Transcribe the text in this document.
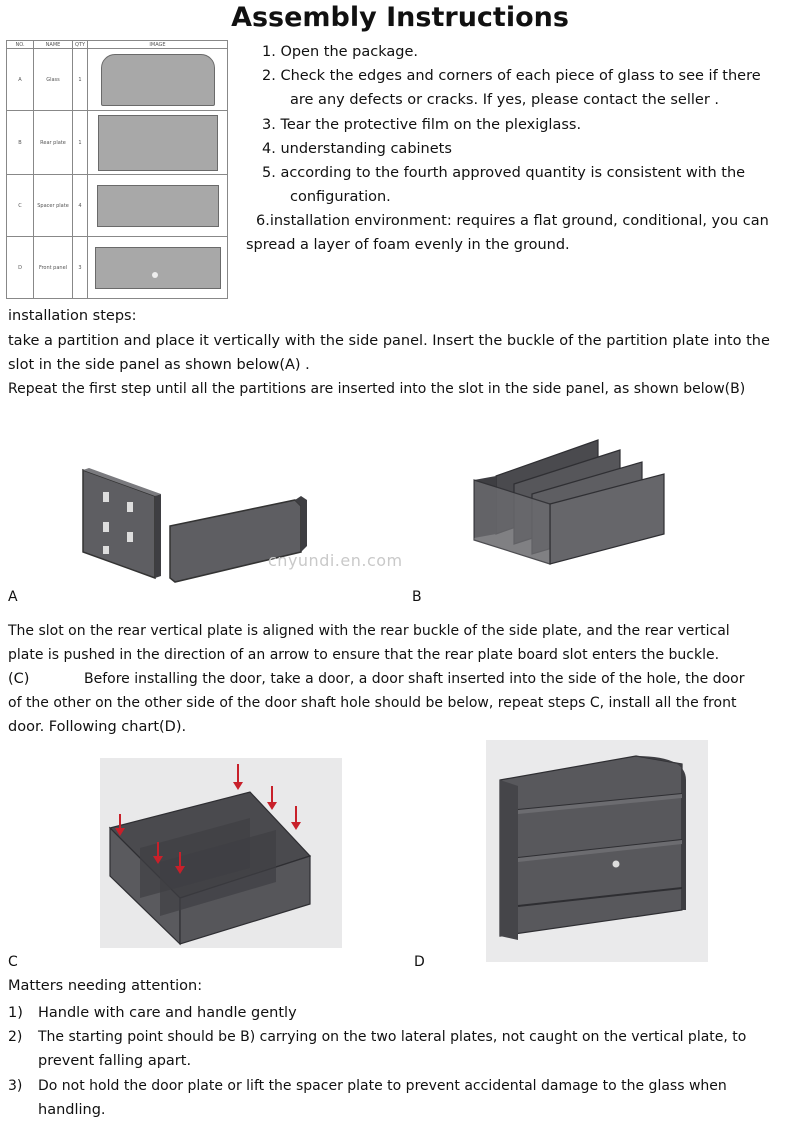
Assembly Instructions
NO.	NAME	QTY	IMAGE
A	Glass	1	

B	Rear plate	1	

C	Spacer plate	4	

D	Front panel	3	
1. Open the package.
2. Check the edges and corners of each piece of glass to see if there
are any defects or cracks. If yes, please contact the seller .
3. Tear the protective film on the plexiglass.
4. understanding cabinets
5. according to the fourth approved quantity is consistent with the
configuration.
6.installation environment: requires a flat ground, conditional, you can
spread a layer of foam evenly in the ground.
installation steps:
take a partition and place it vertically with the side panel. Insert the buckle of the partition plate into the
slot in the side panel as shown below(A) .
Repeat the first step until all the partitions are inserted into the slot in the side panel, as shown below(B)
A	B
cnyundi.en.com
The slot on the rear vertical plate is aligned with the rear buckle of the side plate, and the rear vertical
plate is pushed in the direction of an arrow to ensure that the rear plate board slot enters the buckle.
(C)	Before installing the door, take a door, a door shaft inserted into the side of the hole, the door
of the other on the other side of the door shaft hole should be below, repeat steps C, install all the front
door. Following chart(D).
C	D
Matters needing attention:
1) Handle with care and handle gently
2) The starting point should be B) carrying on the two lateral plates, not caught on the vertical plate, to
prevent falling apart.
3) Do not hold the door plate or lift the spacer plate to prevent accidental damage to the glass when
handling.
